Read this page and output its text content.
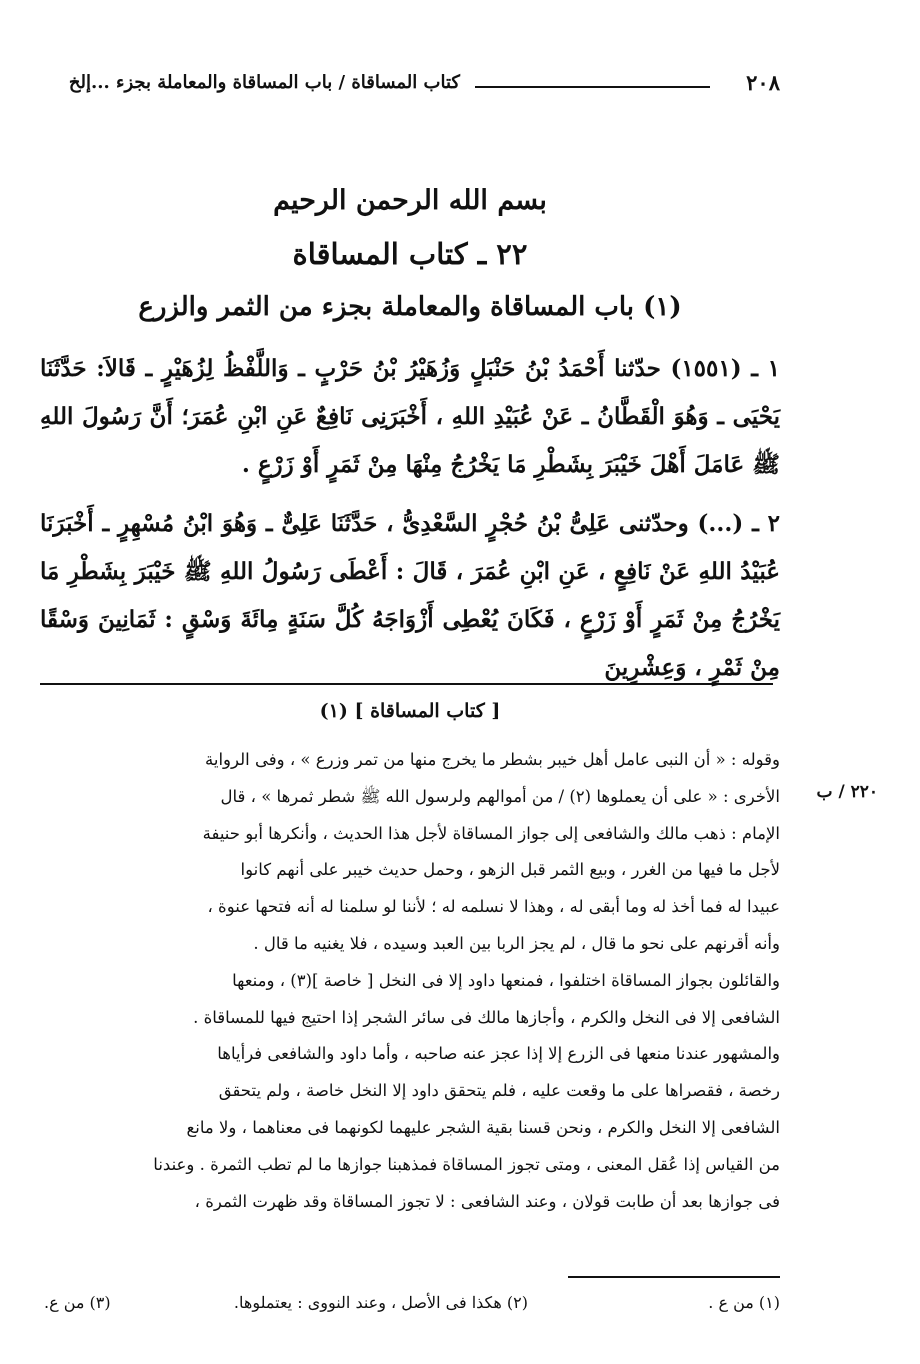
٢٠٨
كتاب المساقاة / باب المساقاة والمعاملة بجزء ...إلخ
بسم الله الرحمن الرحيم
٢٢ ـ كتاب المساقاة
(١) باب المساقاة والمعاملة بجزء من الثمر والزرع
١ ـ (١٥٥١) حدّثنا أَحْمَدُ بْنُ حَنْبَلٍ وَزُهَيْرُ بْنُ حَرْبٍ ـ وَاللَّفْظُ لِزُهَيْرٍ ـ قَالاَ: حَدَّثَنَا يَحْيَى ـ وَهُوَ الْقَطَّانُ ـ عَنْ عُبَيْدِ اللهِ ، أَخْبَرَنِى نَافِعٌ عَنِ ابْنِ عُمَرَ؛ أَنَّ رَسُولَ اللهِ ﷺ عَامَلَ أَهْلَ خَيْبَرَ بِشَطْرِ مَا يَخْرُجُ مِنْهَا مِنْ ثَمَرٍ أَوْ زَرْعٍ .
٢ ـ (...) وحدّثنى عَلِىُّ بْنُ حُجْرٍ السَّعْدِىُّ ، حَدَّثَنَا عَلِىٌّ ـ وَهُوَ ابْنُ مُسْهِرٍ ـ أَخْبَرَنَا عُبَيْدُ اللهِ عَنْ نَافِعٍ ، عَنِ ابْنِ عُمَرَ ، قَالَ : أَعْطَى رَسُولُ اللهِ ﷺ خَيْبَرَ بِشَطْرِ مَا يَخْرُجُ مِنْ ثَمَرٍ أَوْ زَرْعٍ ، فَكَانَ يُعْطِى أَزْوَاجَهُ كُلَّ سَنَةٍ مِائَةَ وَسْقٍ : ثَمَانِينَ وَسْقًا مِنْ ثَمْرٍ ، وَعِشْرِينَ
[ كتاب المساقاة ] (١)
٢٢٠ / ب
وقوله : « أن النبى عامل أهل خيبر بشطر ما يخرج منها من تمر وزرع » ، وفى الرواية
الأخرى : « على أن يعملوها (٢) / من أموالهم ولرسول الله ﷺ شطر ثمرها » ، قال
الإمام : ذهب مالك والشافعى إلى جواز المساقاة لأجل هذا الحديث ، وأنكرها أبو حنيفة
لأجل ما فيها من الغرر ، وبيع الثمر قبل الزهو ، وحمل حديث خيبر على أنهم كانوا
عبيدا له فما أخذ له وما أبقى له ، وهذا لا نسلمه له ؛ لأننا لو سلمنا له أنه فتحها عنوة ،
وأنه أقرنهم على نحو ما قال ، لم يجز الربا بين العبد وسيده ، فلا يغنيه ما قال .
والقائلون بجواز المساقاة اختلفوا ، فمنعها داود إلا فى النخل [ خاصة ](٣) ، ومنعها
الشافعى إلا فى النخل والكرم ، وأجازها مالك فى سائر الشجر إذا احتيج فيها للمساقاة .
والمشهور عندنا منعها فى الزرع إلا إذا عجز عنه صاحبه ، وأما داود والشافعى فرأياها
رخصة ، فقصراها على ما وقعت عليه ، فلم يتحقق داود إلا النخل خاصة ، ولم يتحقق
الشافعى إلا النخل والكرم ، ونحن قسنا بقية الشجر عليهما لكونهما فى معناهما ، ولا مانع
من القياس إذا عُقل المعنى ، ومتى تجوز المساقاة فمذهبنا جوازها ما لم تطب الثمرة . وعندنا
فى جوازها بعد أن طابت قولان ، وعند الشافعى : لا تجوز المساقاة وقد ظهرت الثمرة ،
(١) من ع .
(٢) هكذا فى الأصل ، وعند النووى : يعتملوها.
(٣) من ع.
